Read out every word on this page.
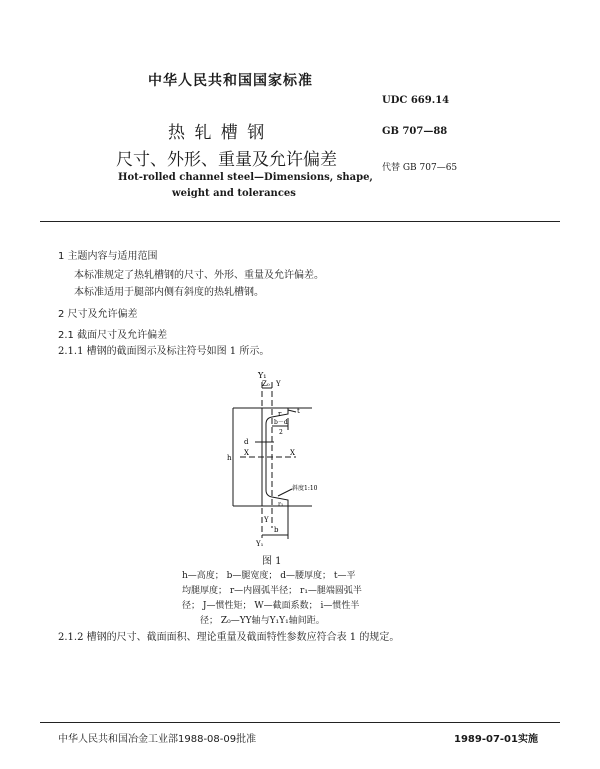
中华人民共和国国家标准
UDC 669.14
GB 707—88
代替 GB 707—65
热 轧 槽 钢
尺寸、外形、重量及允许偏差
Hot-rolled channel steel—Dimensions, shape,
weight and tolerances
1 主题内容与适用范围
本标准规定了热轧槽钢的尺寸、外形、重量及允许偏差。
本标准适用于腿部内侧有斜度的热轧槽钢。
2 尺寸及允许偏差
2.1 截面尺寸及允许偏差
2.1.1 槽钢的截面图示及标注符号如图 1 所示。
Y₁
Z₀ Y
t
r
b－d
2
d
h
X	X
斜度1:10
r₁
Y
Y₁
b
图 1
h—高度； b—腿宽度； d—腰厚度； t—平
均腿厚度； r—内圆弧半径； r₁—腿端圆弧半
径； J—惯性矩； W—截面系数； i—惯性半
径； Z₀—YY轴与Y₁Y₁轴间距。
2.1.2 槽钢的尺寸、截面面积、理论重量及截面特性参数应符合表 1 的规定。
中华人民共和国冶金工业部1988-08-09批准	1989-07-01实施
